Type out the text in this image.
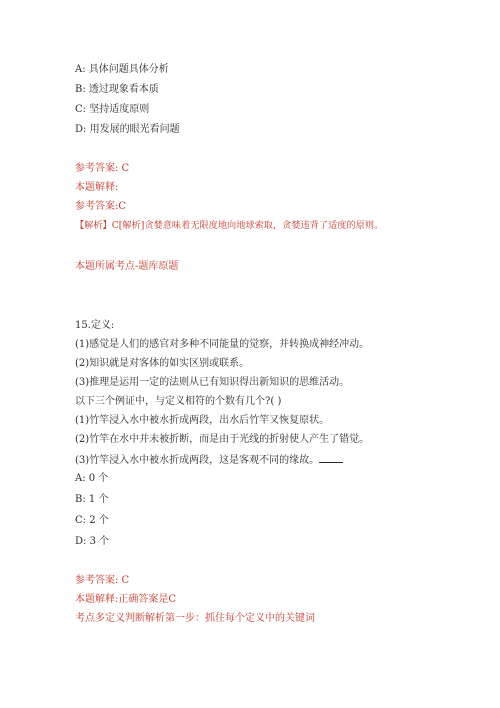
A: 具体问题具体分析
B: 透过现象看本质
C: 坚持适度原则
D: 用发展的眼光看问题
参考答案: C
本题解释:
参考答案:C
【解析】C[解析]贪婪意味着无限度地向地球索取，贪婪违背了适度的原则。
本题所属考点-题库原题
15.定义:
(1)感觉是人们的感官对多种不同能量的觉察，并转换成神经冲动。
(2)知识就是对客体的如实区别或联系。
(3)推理是运用一定的法则从已有知识得出新知识的思维活动。
以下三个例证中，与定义相符的个数有几个?( )
(1)竹竿浸入水中被水折成两段，出水后竹竿又恢复原状。
(2)竹竿在水中并未被折断，而是由于光线的折射使人产生了错觉。
(3)竹竿浸入水中被水折成两段，这是客观不同的缘故。
A: 0 个
B: 1 个
C: 2 个
D: 3 个
参考答案: C
本题解释:正确答案是C
考点多定义判断解析第一步：抓住每个定义中的关键词
